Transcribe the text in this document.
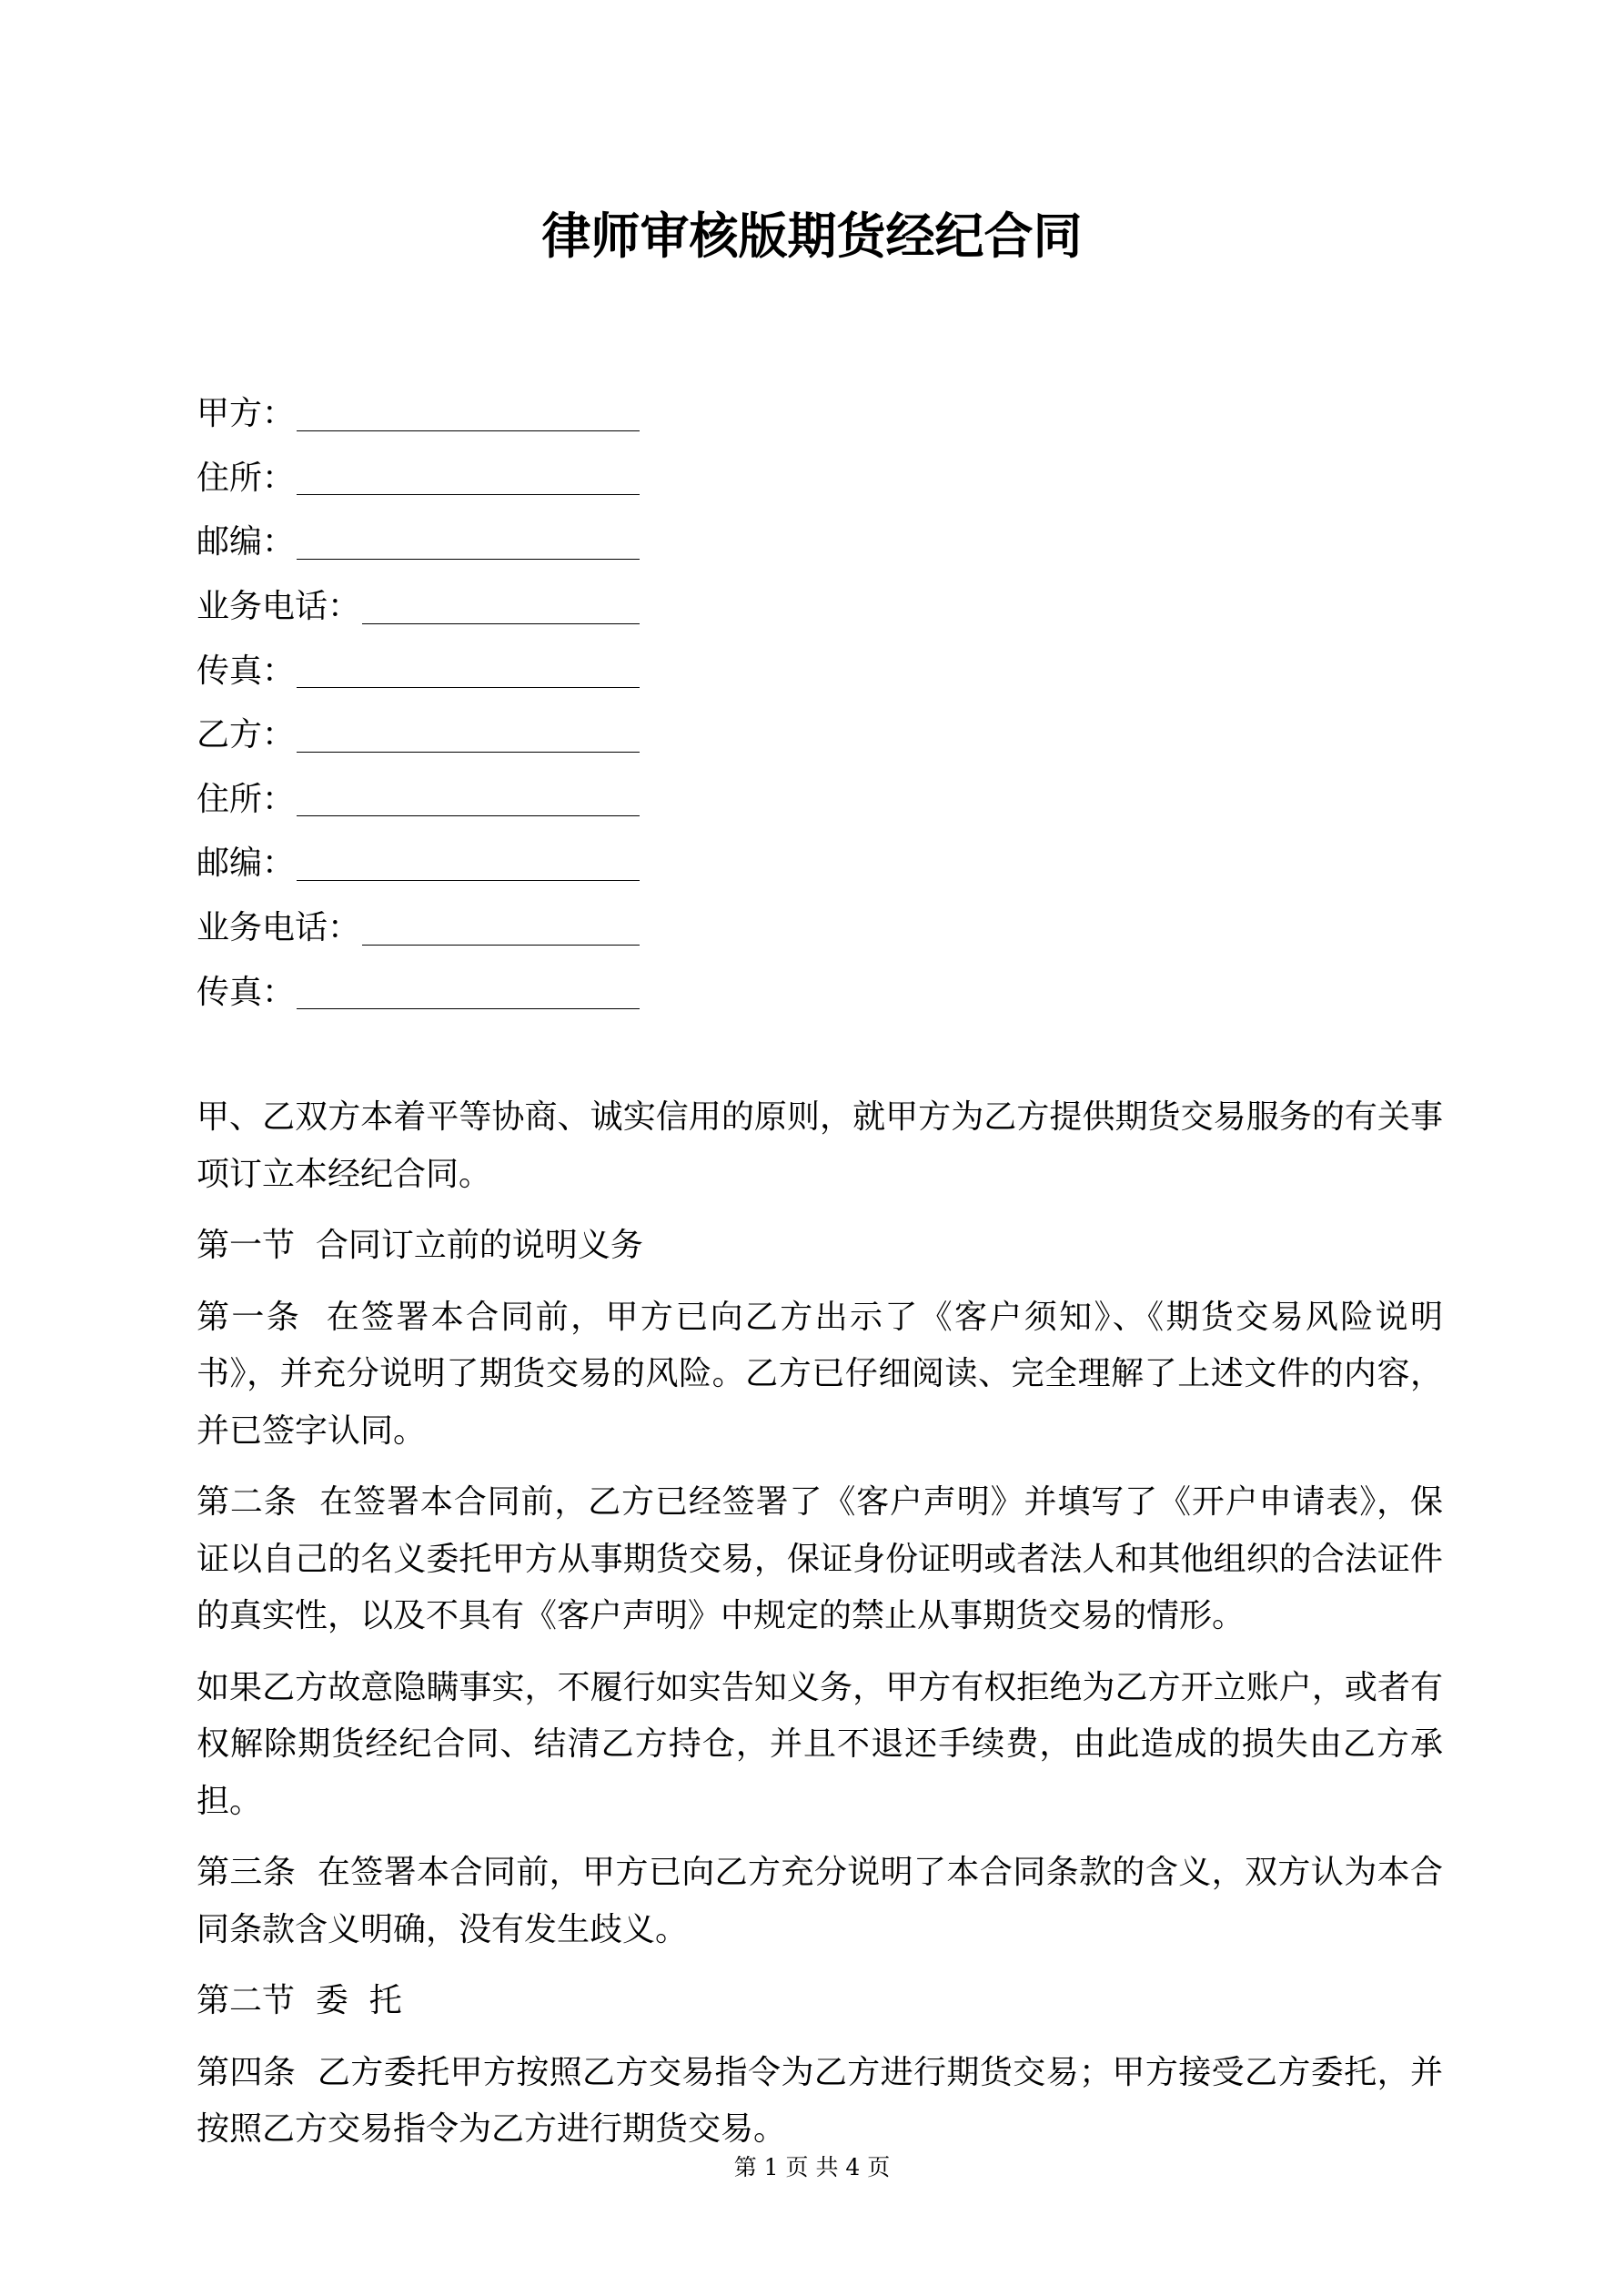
律师审核版期货经纪合同
甲方：
住所：
邮编：
业务电话：
传真：
乙方：
住所：
邮编：
业务电话：
传真：

甲、乙双方本着平等协商、诚实信用的原则，就甲方为乙方提供期货交易服务的有关事项订立本经纪合同。

第一节  合同订立前的说明义务

第一条  在签署本合同前，甲方已向乙方出示了《客户须知》、《期货交易风险说明书》，并充分说明了期货交易的风险。乙方已仔细阅读、完全理解了上述文件的内容，并已签字认同。

第二条  在签署本合同前，乙方已经签署了《客户声明》并填写了《开户申请表》，保证以自己的名义委托甲方从事期货交易，保证身份证明或者法人和其他组织的合法证件的真实性，以及不具有《客户声明》中规定的禁止从事期货交易的情形。

如果乙方故意隐瞒事实，不履行如实告知义务，甲方有权拒绝为乙方开立账户，或者有权解除期货经纪合同、结清乙方持仓，并且不退还手续费，由此造成的损失由乙方承担。

第三条  在签署本合同前，甲方已向乙方充分说明了本合同条款的含义，双方认为本合同条款含义明确，没有发生歧义。

第二节  委  托

第四条  乙方委托甲方按照乙方交易指令为乙方进行期货交易；甲方接受乙方委托，并按照乙方交易指令为乙方进行期货交易。

第 1 页 共 4 页
